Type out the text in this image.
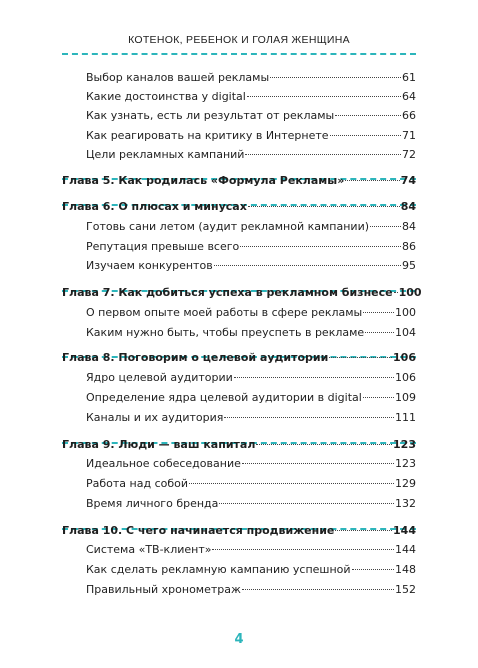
КОТЕНОК, РЕБЕНОК И ГОЛАЯ ЖЕНЩИНА
Выбор каналов вашей рекламы	61
Какие достоинства у digital	64
Как узнать, есть ли результат от рекламы	66
Как реагировать на критику в Интернете	71
Цели рекламных кампаний	72
Глава 5. Как родилась «Формула Рекламы»	74
Глава 6. О плюсах и минусах	84
Готовь сани летом (аудит рекламной кампании)	84
Репутация превыше всего	86
Изучаем конкурентов	95
Глава 7. Как добиться успеха в рекламном бизнесе 100
О первом опыте моей работы в сфере рекламы	100
Каким нужно быть, чтобы преуспеть в рекламе	104
Глава 8. Поговорим о целевой аудитории	106
Ядро целевой аудитории	106
Определение ядра целевой аудитории в digital	109
Каналы и их аудитория	111
Глава 9. Люди — ваш капитал	123
Идеальное собеседование	123
Работа над собой	129
Время личного бренда	132
Глава 10. С чего начинается продвижение	144
Система «ТВ-клиент»	144
Как сделать рекламную кампанию успешной	148
Правильный хронометраж	152
4
